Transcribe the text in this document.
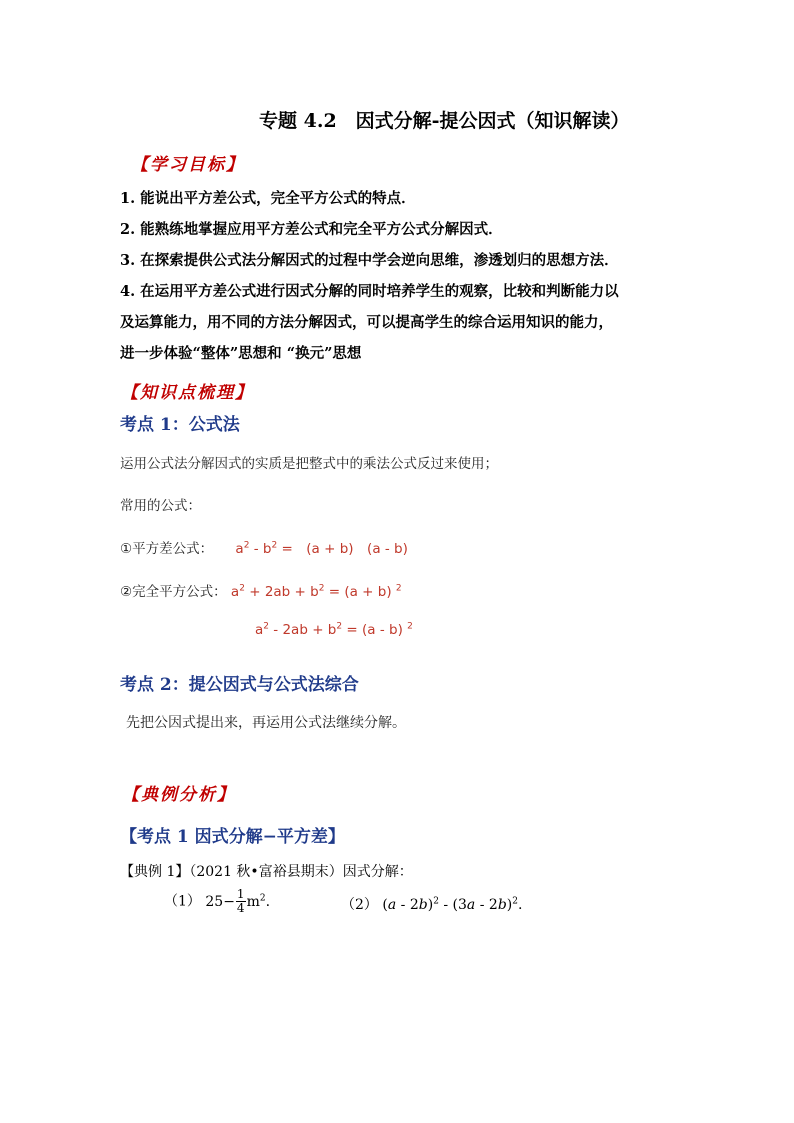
专题 4.2　因式分解-提公因式（知识解读）
【学习目标】
1. 能说出平方差公式，完全平方公式的特点．
2. 能熟练地掌握应用平方差公式和完全平方公式分解因式．
3. 在探索提供公式法分解因式的过程中学会逆向思维，渗透划归的思想方法．
4. 在运用平方差公式进行因式分解的同时培养学生的观察，比较和判断能力以
及运算能力，用不同的方法分解因式，可以提高学生的综合运用知识的能力，
进一步体验“整体”思想和 “换元”思想
【知识点梳理】
考点 1：公式法
运用公式法分解因式的实质是把整式中的乘法公式反过来使用；
常用的公式：
①平方差公式： $a^2 - b^2$ =　(a + b)　(a - b)
②完全平方公式： $a^2 + 2ab + b^2 = (a + b)$ $^2$
$a^2 - 2ab + b^2 = (a - b)$ $^2$
考点 2：提公因式与公式法综合
先把公因式提出来，再运用公式法继续分解。
【典例分析】
【考点 1 因式分解−平方差】
【典例 1】（2021 秋•富裕县期末）因式分解：
（1） $25- \frac{1}{4} m^2$.	（2） (a - 2b)$^2$ - (3a - 2b)$^2$.
